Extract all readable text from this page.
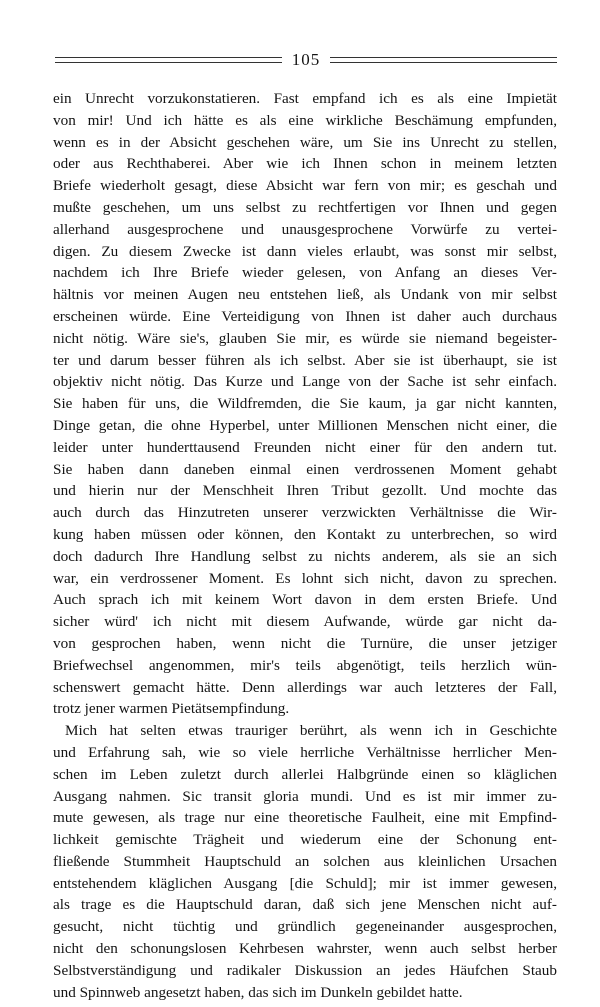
105
ein Unrecht vorzukonstatieren. Fast empfand ich es als eine Impietät
von mir! Und ich hätte es als eine wirkliche Beschämung empfunden,
wenn es in der Absicht geschehen wäre, um Sie ins Unrecht zu stellen,
oder aus Rechthaberei. Aber wie ich Ihnen schon in meinem letzten
Briefe wiederholt gesagt, diese Absicht war fern von mir; es geschah und
mußte geschehen, um uns selbst zu rechtfertigen vor Ihnen und gegen
allerhand ausgesprochene und unausgesprochene Vorwürfe zu vertei-
digen. Zu diesem Zwecke ist dann vieles erlaubt, was sonst mir selbst,
nachdem ich Ihre Briefe wieder gelesen, von Anfang an dieses Ver-
hältnis vor meinen Augen neu entstehen ließ, als Undank von mir selbst
erscheinen würde. Eine Verteidigung von Ihnen ist daher auch durchaus
nicht nötig. Wäre sie's, glauben Sie mir, es würde sie niemand begeister-
ter und darum besser führen als ich selbst. Aber sie ist überhaupt, sie ist
objektiv nicht nötig. Das Kurze und Lange von der Sache ist sehr einfach.
Sie haben für uns, die Wildfremden, die Sie kaum, ja gar nicht kannten,
Dinge getan, die ohne Hyperbel, unter Millionen Menschen nicht einer, die
leider unter hunderttausend Freunden nicht einer für den andern tut.
Sie haben dann daneben einmal einen verdrossenen Moment gehabt
und hierin nur der Menschheit Ihren Tribut gezollt. Und mochte das
auch durch das Hinzutreten unserer verzwickten Verhältnisse die Wir-
kung haben müssen oder können, den Kontakt zu unterbrechen, so wird
doch dadurch Ihre Handlung selbst zu nichts anderem, als sie an sich
war, ein verdrossener Moment. Es lohnt sich nicht, davon zu sprechen.
Auch sprach ich mit keinem Wort davon in dem ersten Briefe. Und
sicher würd' ich nicht mit diesem Aufwande, würde gar nicht da-
von gesprochen haben, wenn nicht die Turnüre, die unser jetziger
Briefwechsel angenommen, mir's teils abgenötigt, teils herzlich wün-
schenswert gemacht hätte. Denn allerdings war auch letzteres der Fall,
trotz jener warmen Pietätsempfindung.
Mich hat selten etwas trauriger berührt, als wenn ich in Geschichte
und Erfahrung sah, wie so viele herrliche Verhältnisse herrlicher Men-
schen im Leben zuletzt durch allerlei Halbgründe einen so kläglichen
Ausgang nahmen. Sic transit gloria mundi. Und es ist mir immer zu-
mute gewesen, als trage nur eine theoretische Faulheit, eine mit Empfind-
lichkeit gemischte Trägheit und wiederum eine der Schonung ent-
fließende Stummheit Hauptschuld an solchen aus kleinlichen Ursachen
entstehendem kläglichen Ausgang [die Schuld]; mir ist immer gewesen,
als trage es die Hauptschuld daran, daß sich jene Menschen nicht auf-
gesucht, nicht tüchtig und gründlich gegeneinander ausgesprochen,
nicht den schonungslosen Kehrbesen wahrster, wenn auch selbst herber
Selbstverständigung und radikaler Diskussion an jedes Häufchen Staub
und Spinnweb angesetzt haben, das sich im Dunkeln gebildet hatte.
